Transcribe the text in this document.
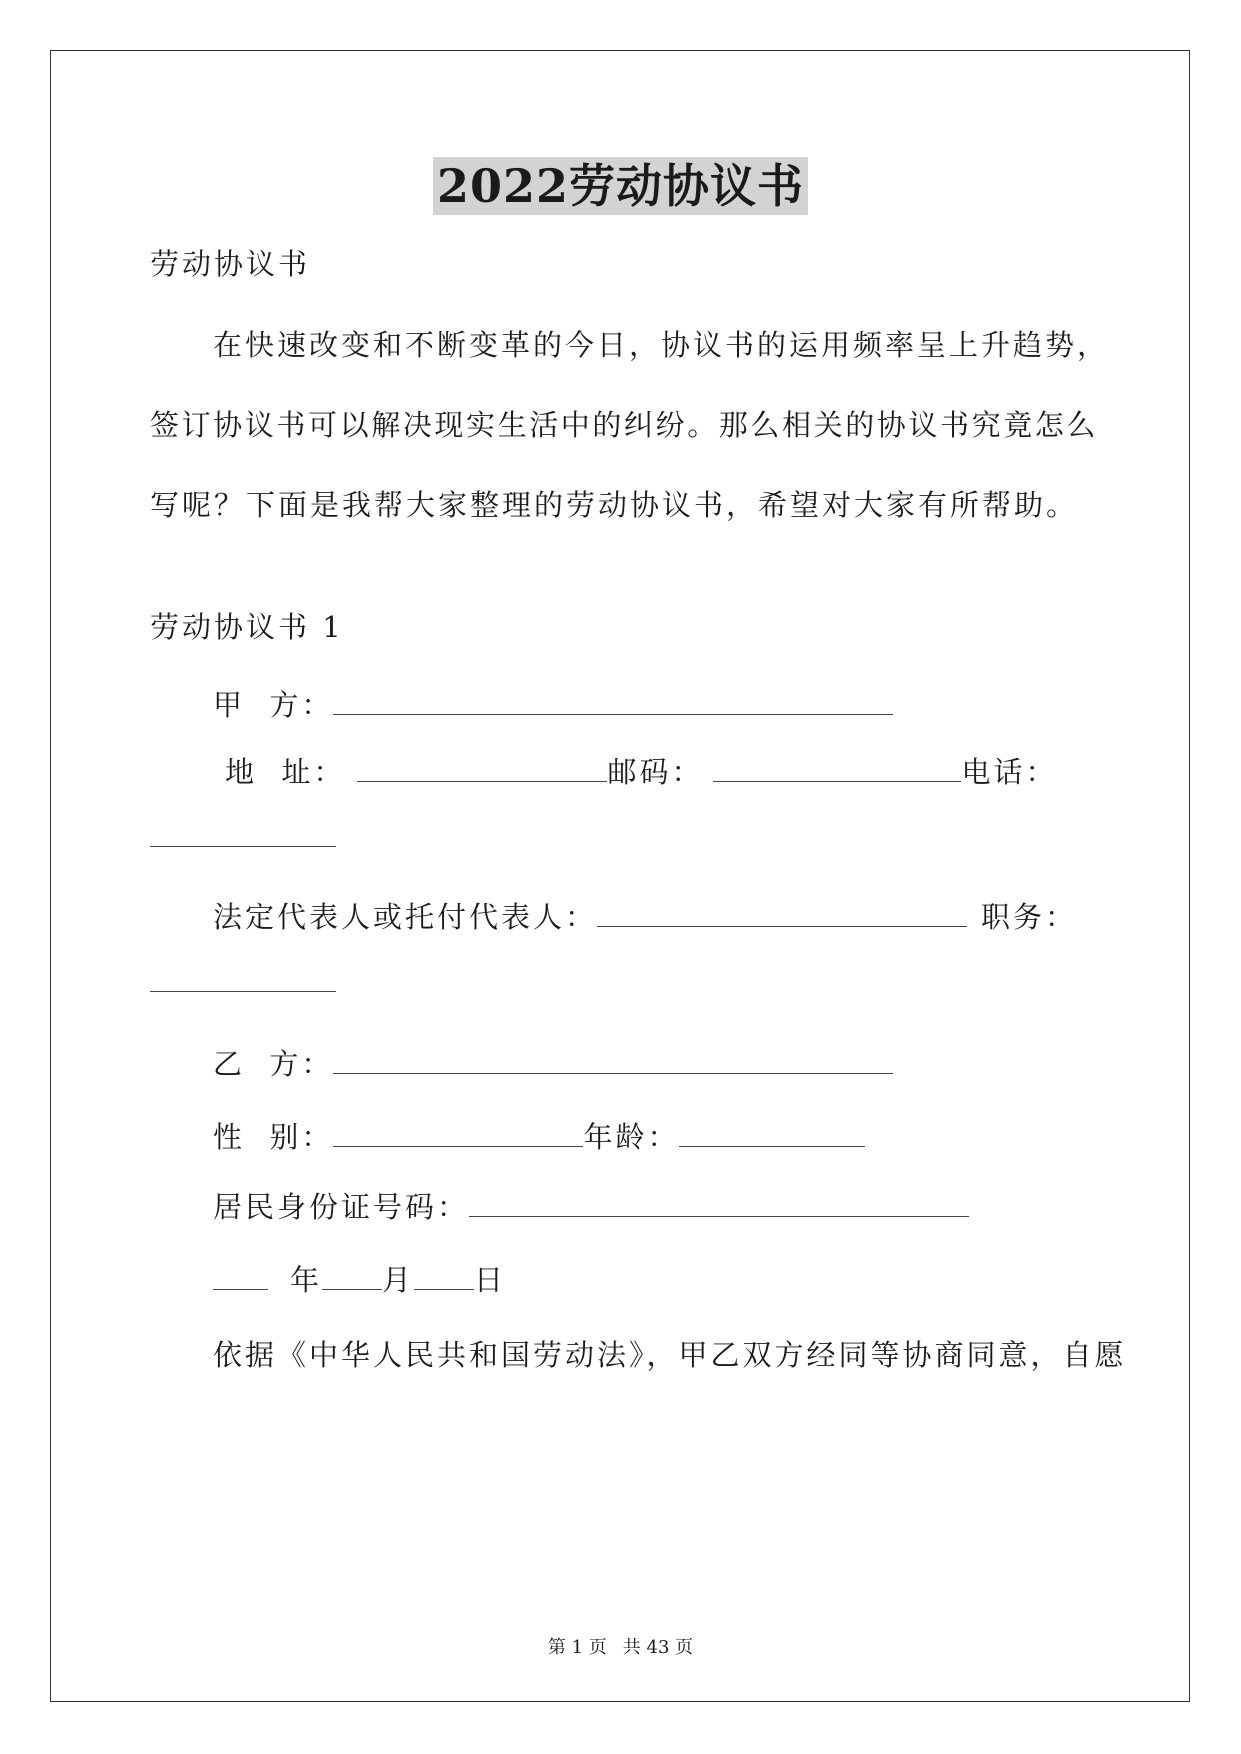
2022劳动协议书
劳动协议书
在快速改变和不断变革的今日，协议书的运用频率呈上升趋势，
签订协议书可以解决现实生活中的纠纷。那么相关的协议书究竟怎么
写呢？下面是我帮大家整理的劳动协议书，希望对大家有所帮助。
劳动协议书 1
甲  方：
地  址：	邮码：	电话：
法定代表人或托付代表人：	职务：
乙  方：
性  别：	年龄：
居民身份证号码：
年 月 日
依据《中华人民共和国劳动法》，甲乙双方经同等协商同意，自愿
第 1 页 共 43 页
